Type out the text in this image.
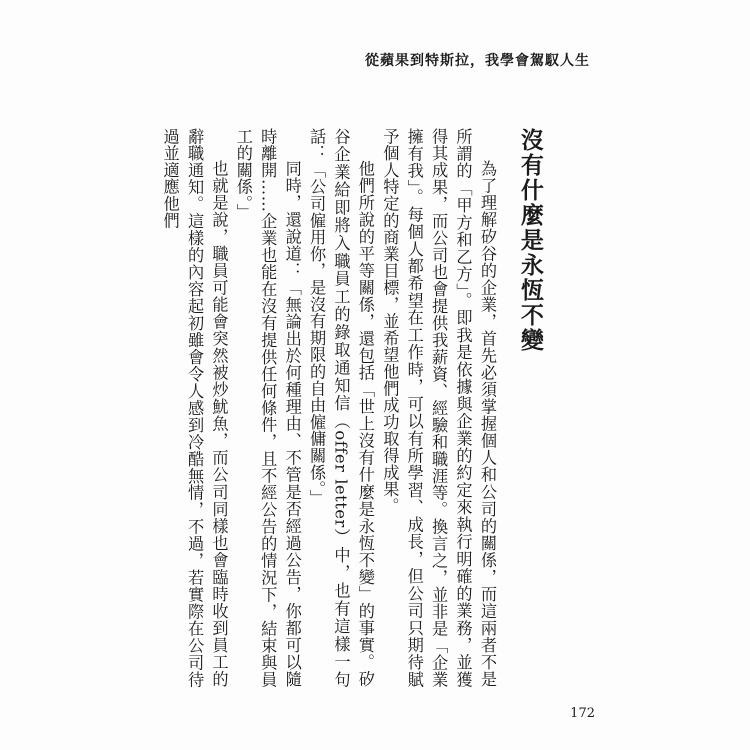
從蘋果到特斯拉，我學會駕馭人生
沒有什麼是永恆不變

為了理解矽谷的企業，首先必須掌握個人和公司的關係，而這兩者不是所謂的「甲方和乙方」。即我是依據與企業的約定來執行明確的業務，並獲得其成果，而公司也會提供我薪資、經驗和職涯等。換言之，並非是「企業擁有我」。每個人都希望在工作時，可以有所學習、成長，但公司只期待賦予個人特定的商業目標，並希望他們成功取得成果。

他們所說的平等關係，還包括「世上沒有什麼是永恆不變」的事實。矽谷企業給即將入職員工的錄取通知信（offer letter）中，也有這樣一句話：「公司僱用你，是沒有期限的自由僱傭關係。」

同時，還說道：「無論出於何種理由、不管是否經過公告，你都可以隨時離開……企業也能在沒有提供任何條件，且不經公告的情況下，結束與員工的關係。」

也就是說，職員可能會突然被炒魷魚，而公司同樣也會臨時收到員工的辭職通知。這樣的內容起初雖會令人感到冷酷無情，不過，若實際在公司待過並適應他們

172
